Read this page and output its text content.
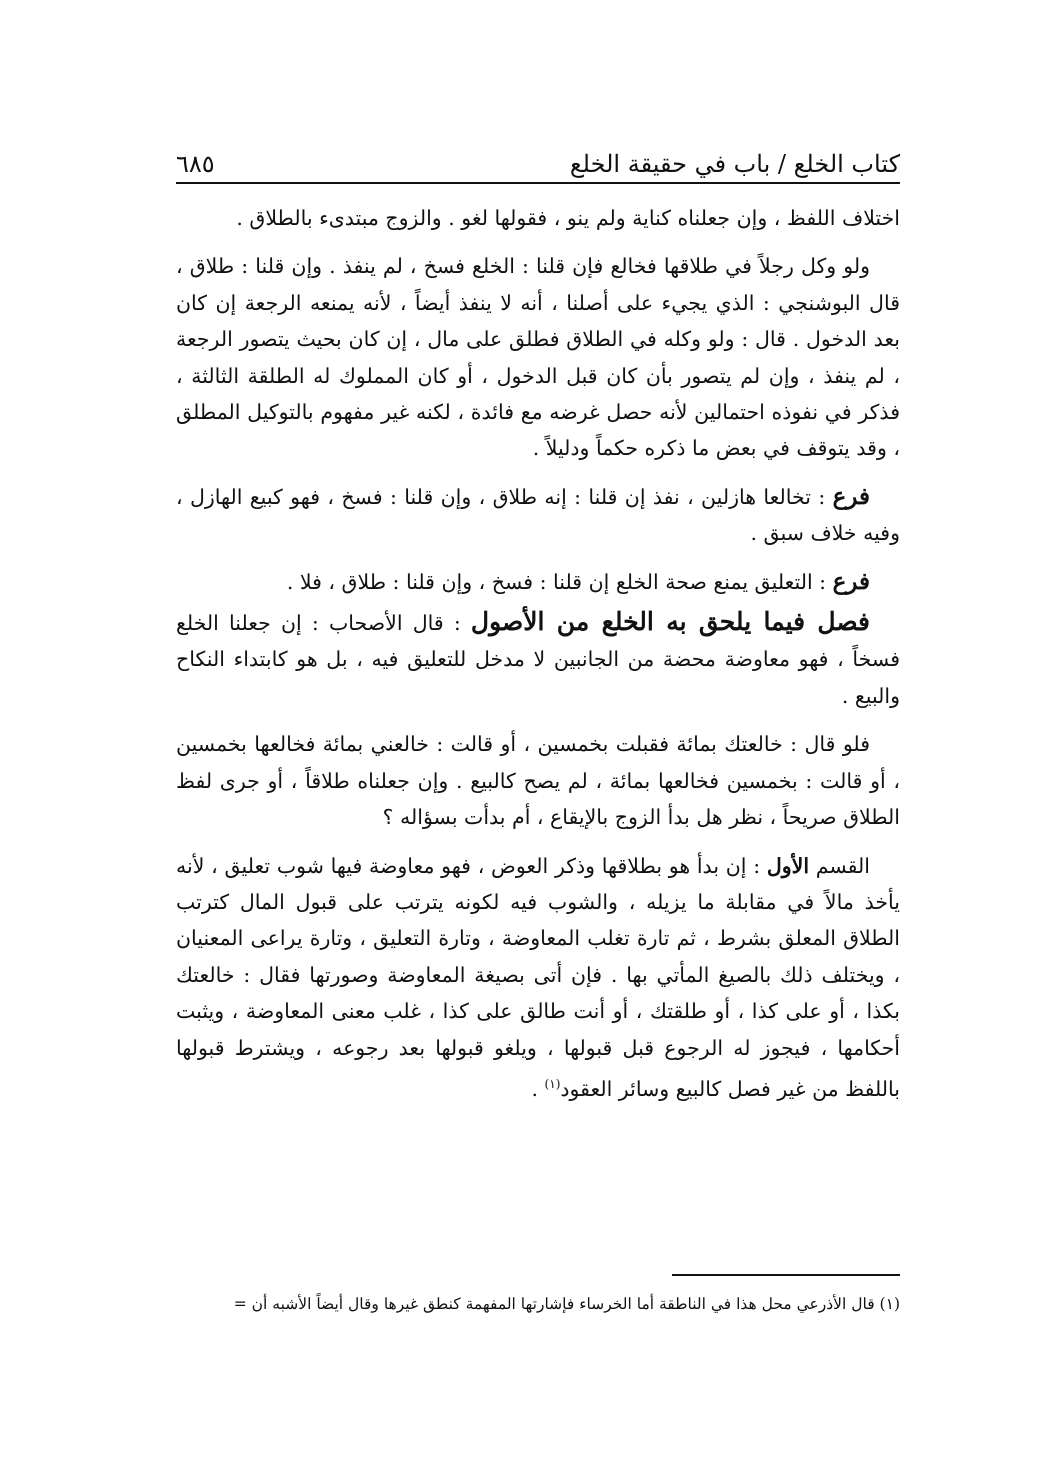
كتاب الخلع / باب في حقيقة الخلع
٦٨٥

اختلاف اللفظ ، وإن جعلناه كناية ولم ينو ، فقولها لغو . والزوج مبتدىء بالطلاق .

ولو وكل رجلاً في طلاقها فخالع فإن قلنا : الخلع فسخ ، لم ينفذ . وإن قلنا : طلاق ، قال البوشنجي : الذي يجيء على أصلنا ، أنه لا ينفذ أيضاً ، لأنه يمنعه الرجعة إن كان بعد الدخول . قال : ولو وكله في الطلاق فطلق على مال ، إن كان بحيث يتصور الرجعة ، لم ينفذ ، وإن لم يتصور بأن كان قبل الدخول ، أو كان المملوك له الطلقة الثالثة ، فذكر في نفوذه احتمالين لأنه حصل غرضه مع فائدة ، لكنه غير مفهوم بالتوكيل المطلق ، وقد يتوقف في بعض ما ذكره حكماً ودليلاً .

فرع : تخالعا هازلين ، نفذ إن قلنا : إنه طلاق ، وإن قلنا : فسخ ، فهو كبيع الهازل ، وفيه خلاف سبق .

فرع : التعليق يمنع صحة الخلع إن قلنا : فسخ ، وإن قلنا : طلاق ، فلا .

فصل فيما يلحق به الخلع من الأصول : قال الأصحاب : إن جعلنا الخلع فسخاً ، فهو معاوضة محضة من الجانبين لا مدخل للتعليق فيه ، بل هو كابتداء النكاح والبيع .

فلو قال : خالعتك بمائة فقبلت بخمسين ، أو قالت : خالعني بمائة فخالعها بخمسين ، أو قالت : بخمسين فخالعها بمائة ، لم يصح كالبيع . وإن جعلناه طلاقاً ، أو جرى لفظ الطلاق صريحاً ، نظر هل بدأ الزوج بالإيقاع ، أم بدأت بسؤاله ؟

القسم الأول : إن بدأ هو بطلاقها وذكر العوض ، فهو معاوضة فيها شوب تعليق ، لأنه يأخذ مالاً في مقابلة ما يزيله ، والشوب فيه لكونه يترتب على قبول المال كترتب الطلاق المعلق بشرط ، ثم تارة تغلب المعاوضة ، وتارة التعليق ، وتارة يراعى المعنيان ، ويختلف ذلك بالصيغ المأتي بها . فإن أتى بصيغة المعاوضة وصورتها فقال : خالعتك بكذا ، أو على كذا ، أو طلقتك ، أو أنت طالق على كذا ، غلب معنى المعاوضة ، ويثبت أحكامها ، فيجوز له الرجوع قبل قبولها ، ويلغو قبولها بعد رجوعه ، ويشترط قبولها باللفظ من غير فصل كالبيع وسائر العقود$^{(١)}$ .

(١) قال الأذرعي محل هذا في الناطقة أما الخرساء فإشارتها المفهمة كنطق غيرها وقال أيضاً الأشبه أن =
